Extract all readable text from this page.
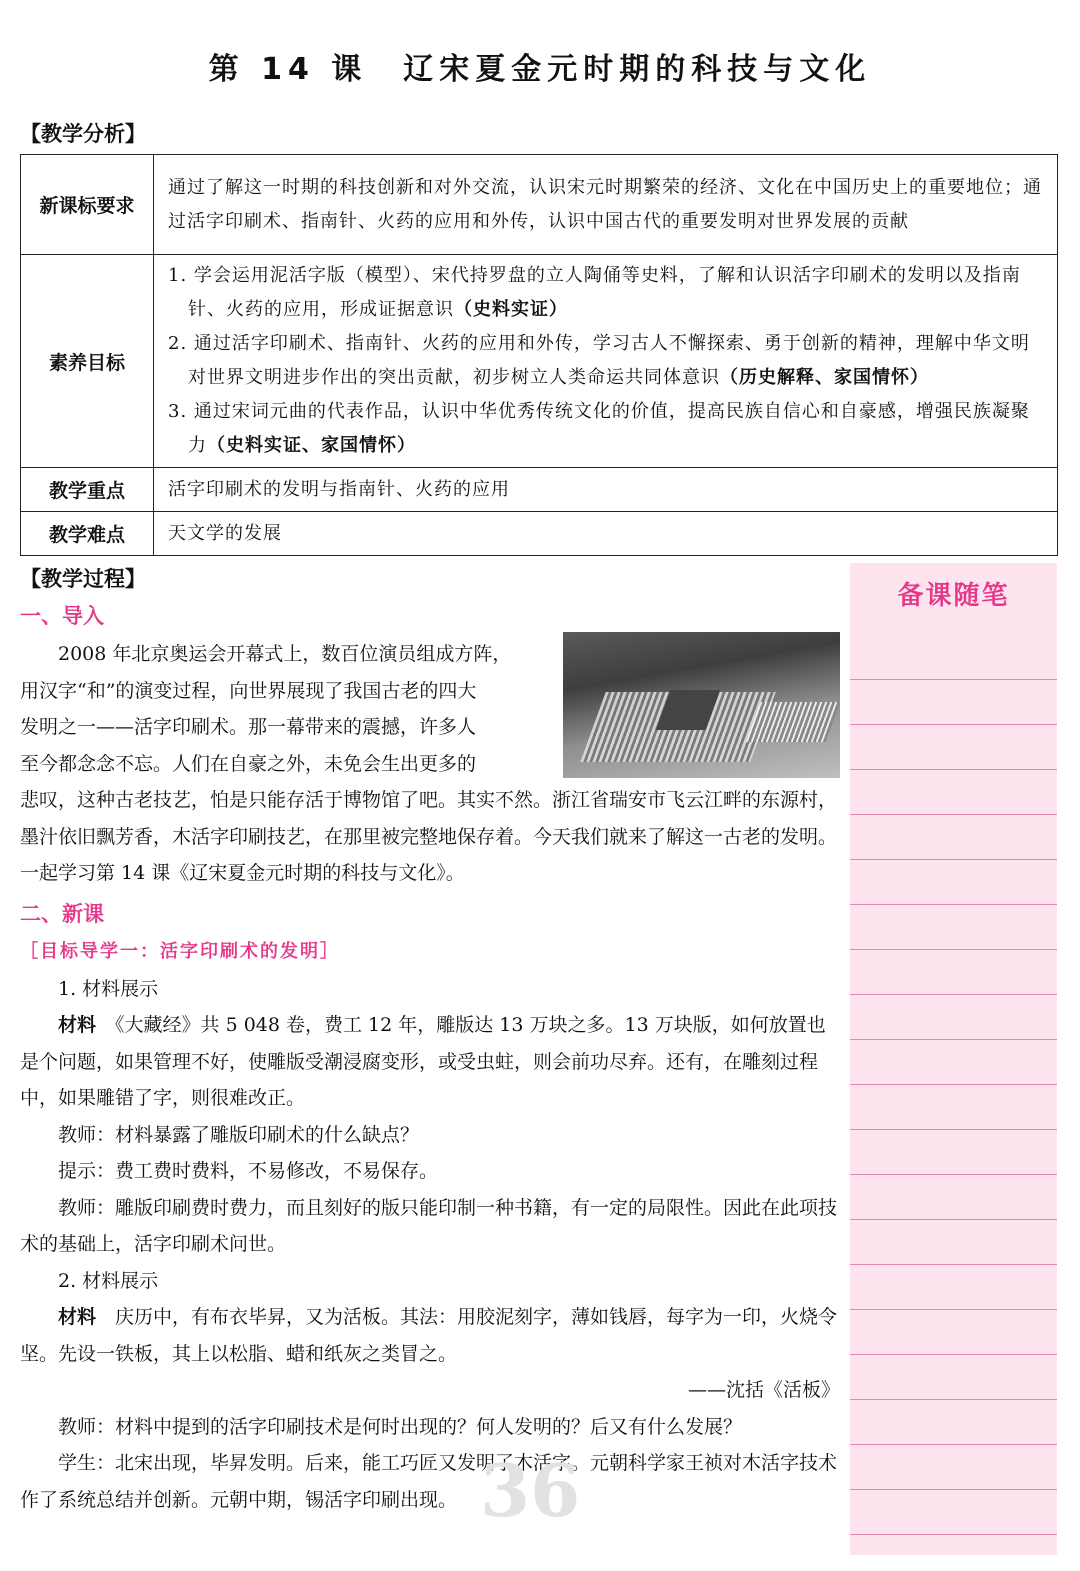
第 14 课　辽宋夏金元时期的科技与文化
【教学分析】
新课标要求	通过了解这一时期的科技创新和对外交流，认识宋元时期繁荣的经济、文化在中国历史上的重要地位；通过活字印刷术、指南针、火药的应用和外传，认识中国古代的重要发明对世界发展的贡献
素养目标	1. 学会运用泥活字版（模型）、宋代持罗盘的立人陶俑等史料，了解和认识活字印刷术的发明以及指南针、火药的应用，形成证据意识（史料实证）
2. 通过活字印刷术、指南针、火药的应用和外传，学习古人不懈探索、勇于创新的精神，理解中华文明对世界文明进步作出的突出贡献，初步树立人类命运共同体意识（历史解释、家国情怀）
3. 通过宋词元曲的代表作品，认识中华优秀传统文化的价值，提高民族自信心和自豪感，增强民族凝聚力（史料实证、家国情怀）

教学重点	活字印刷术的发明与指南针、火药的应用
教学难点	天文学的发展
备课随笔
【教学过程】
一、导入

2008 年北京奥运会开幕式上，数百位演员组成方阵，

用汉字“和”的演变过程，向世界展现了我国古老的四大

发明之一——活字印刷术。那一幕带来的震撼，许多人

至今都念念不忘。人们在自豪之外，未免会生出更多的

悲叹，这种古老技艺，怕是只能存活于博物馆了吧。其实不然。浙江省瑞安市飞云江畔的东源村，墨汁依旧飘芳香，木活字印刷技艺，在那里被完整地保存着。今天我们就来了解这一古老的发明。一起学习第 14 课《辽宋夏金元时期的科技与文化》。

二、新课

［目标导学一：活字印刷术的发明］

1. 材料展示

材料　 《大藏经》共 5 048 卷，费工 12 年，雕版达 13 万块之多。13 万块版，如何放置也是个问题，如果管理不好，使雕版受潮浸腐变形，或受虫蛀，则会前功尽弃。还有，在雕刻过程中，如果雕错了字，则很难改正。

教师：材料暴露了雕版印刷术的什么缺点？

提示：费工费时费料，不易修改，不易保存。

教师：雕版印刷费时费力，而且刻好的版只能印制一种书籍，有一定的局限性。因此在此项技术的基础上，活字印刷术问世。

2. 材料展示

材料　 庆历中，有布衣毕昇，又为活板。其法：用胶泥刻字，薄如钱唇，每字为一印，火烧令坚。先设一铁板，其上以松脂、蜡和纸灰之类冒之。

——沈括《活板》

教师：材料中提到的活字印刷技术是何时出现的？何人发明的？后又有什么发展？

学生：北宋出现，毕昇发明。后来，能工巧匠又发明了木活字。元朝科学家王祯对木活字技术作了系统总结并创新。元朝中期，锡活字印刷出现。 36
